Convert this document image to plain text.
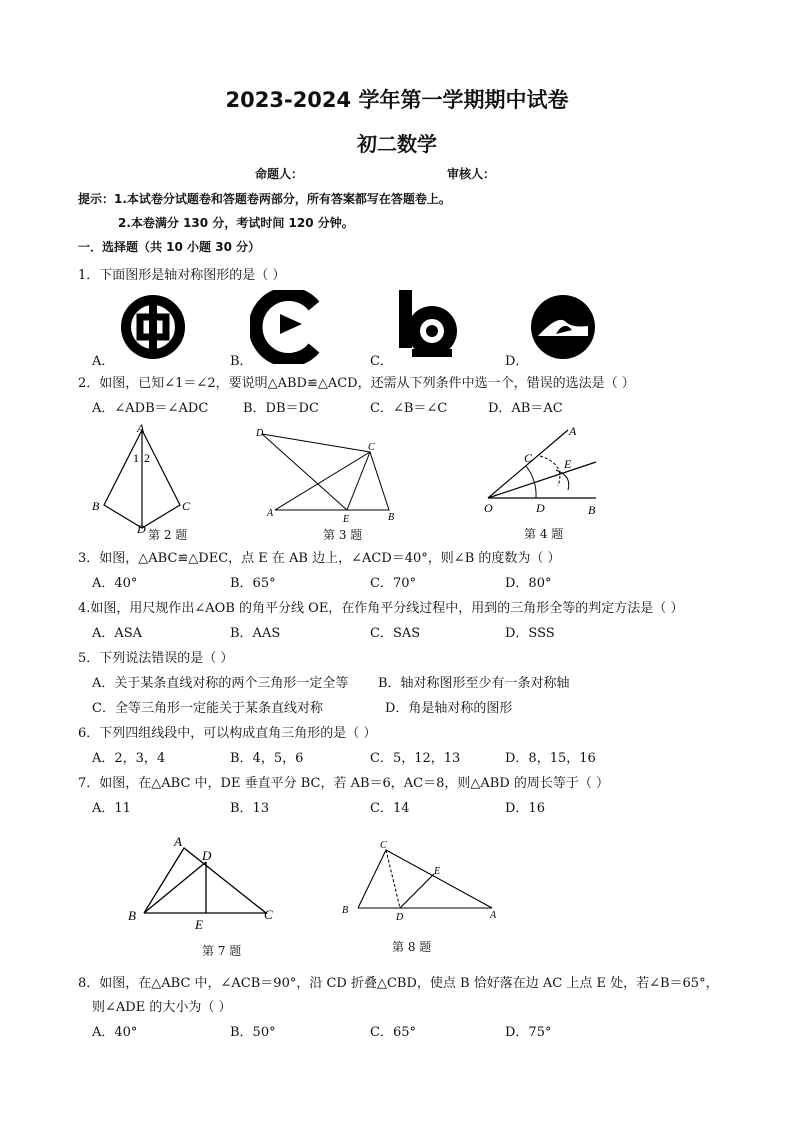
2023-2024 学年第一学期期中试卷
初二数学
命题人：	审核人：
提示：1.本试卷分试题卷和答题卷两部分，所有答案都写在答题卷上。
2.本卷满分 130 分，考试时间 120 分钟。
一．选择题（共 10 小题 30 分）
1．下面图形是轴对称图形的是（ ）
A．	B．	C．	D．
2．如图，已知∠1＝∠2，要说明△ABD≌△ACD，还需从下列条件中选一个，错误的选法是（ ）
A．∠ADB＝∠ADC	B．DB＝DC	C．∠B＝∠C	D．AB＝AC
A
B	C
D
1 2
第 2 题
D
C
A
E	B
第 3 题
C	E
A
O	D	B
第 4 题
3．如图，△ABC≌△DEC，点 E 在 AB 边上，∠ACD＝40°，则∠B 的度数为（ ）
A．40°	B．65°	C．70°	D．80°
4.如图，用尺规作出∠AOB 的角平分线 OE，在作角平分线过程中，用到的三角形全等的判定方法是（ ）
A．ASA	B．AAS	C．SAS	D．SSS
5．下列说法错误的是（ ）
A．关于某条直线对称的两个三角形一定全等 B．轴对称图形至少有一条对称轴
C．全等三角形一定能关于某条直线对称	D．角是轴对称的图形
6．下列四组线段中，可以构成直角三角形的是（ ）
A．2，3，4	B．4，5，6	C．5，12，13	D．8，15，16
7．如图，在△ABC 中，DE 垂直平分 BC，若 AB＝6，AC＝8，则△ABD 的周长等于（ ）
A．11	B．13	C．14	D．16
A
D
B
E
C
第 7 题
C
E
B
D	A
第 8 题
8．如图，在△ABC 中，∠ACB＝90°，沿 CD 折叠△CBD，使点 B 恰好落在边 AC 上点 E 处，若∠B＝65°，
则∠ADE 的大小为（ ）
A．40°	B．50°	C．65°	D．75°
